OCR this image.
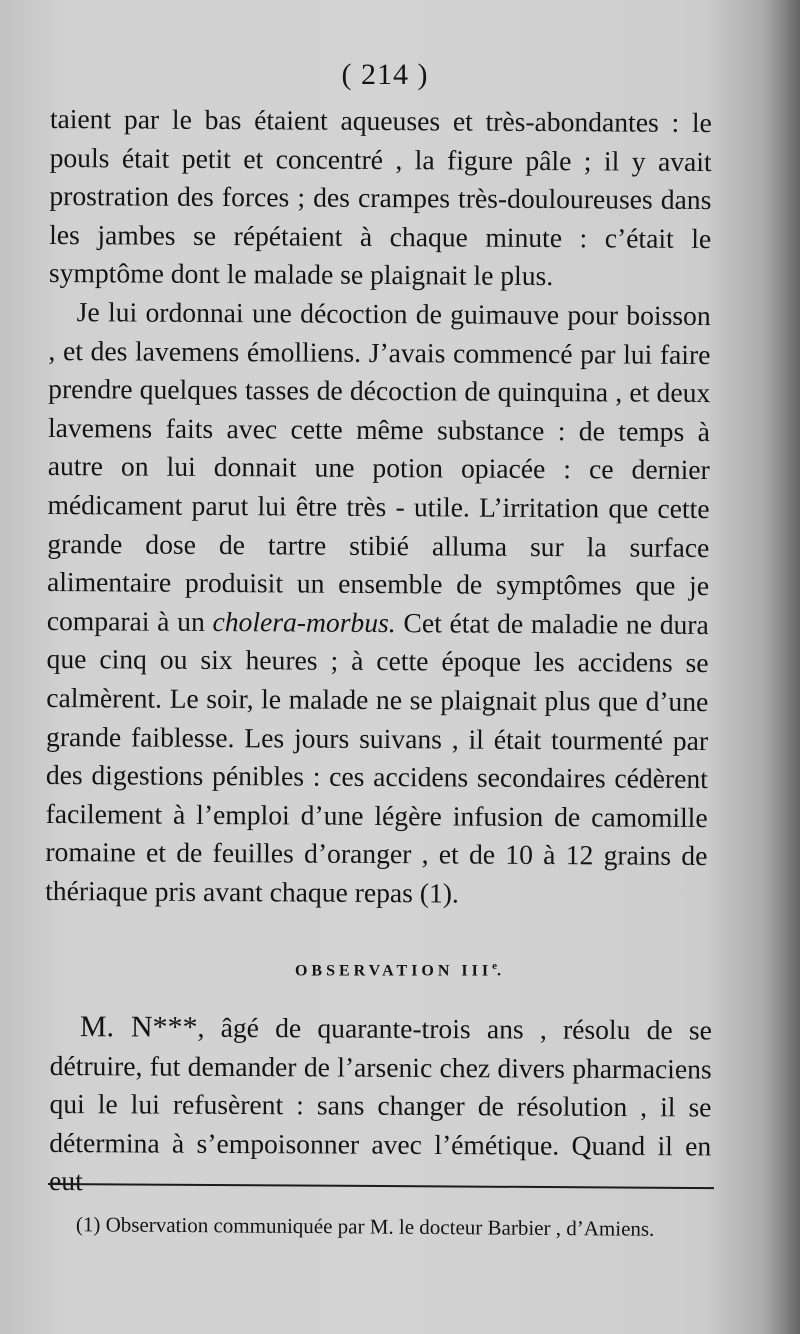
( 214 )

taient par le bas étaient aqueuses et très-abondantes : le pouls était petit et concentré , la figure pâle ; il y avait prostration des forces ; des crampes très-douloureuses dans les jambes se répétaient à chaque minute : c’était le symptôme dont le malade se plaignait le plus.

Je lui ordonnai une décoction de guimauve pour boisson , et des lavemens émolliens. J’avais commencé par lui faire prendre quelques tasses de décoction de quinquina , et deux lavemens faits avec cette même substance : de temps à autre on lui donnait une potion opiacée : ce dernier médicament parut lui être très - utile. L’irritation que cette grande dose de tartre stibié alluma sur la surface alimentaire produisit un ensemble de symptômes que je comparai à un cholera-morbus. Cet état de maladie ne dura que cinq ou six heures ; à cette époque les accidens se calmèrent. Le soir, le malade ne se plaignait plus que d’une grande faiblesse. Les jours suivans , il était tourmenté par des digestions pénibles : ces accidens secondaires cédèrent facilement à l’emploi d’une légère infusion de camomille romaine et de feuilles d’oranger , et de 10 à 12 grains de thériaque pris avant chaque repas (1).

OBSERVATION IIIe.
M. N***, âgé de quarante-trois ans , résolu de se détruire, fut demander de l’arsenic chez divers pharmaciens qui le lui refusèrent : sans changer de résolution , il se détermina à s’empoisonner avec l’émétique. Quand il en eut
(1) Observation communiquée par M. le docteur Barbier , d’Amiens.
